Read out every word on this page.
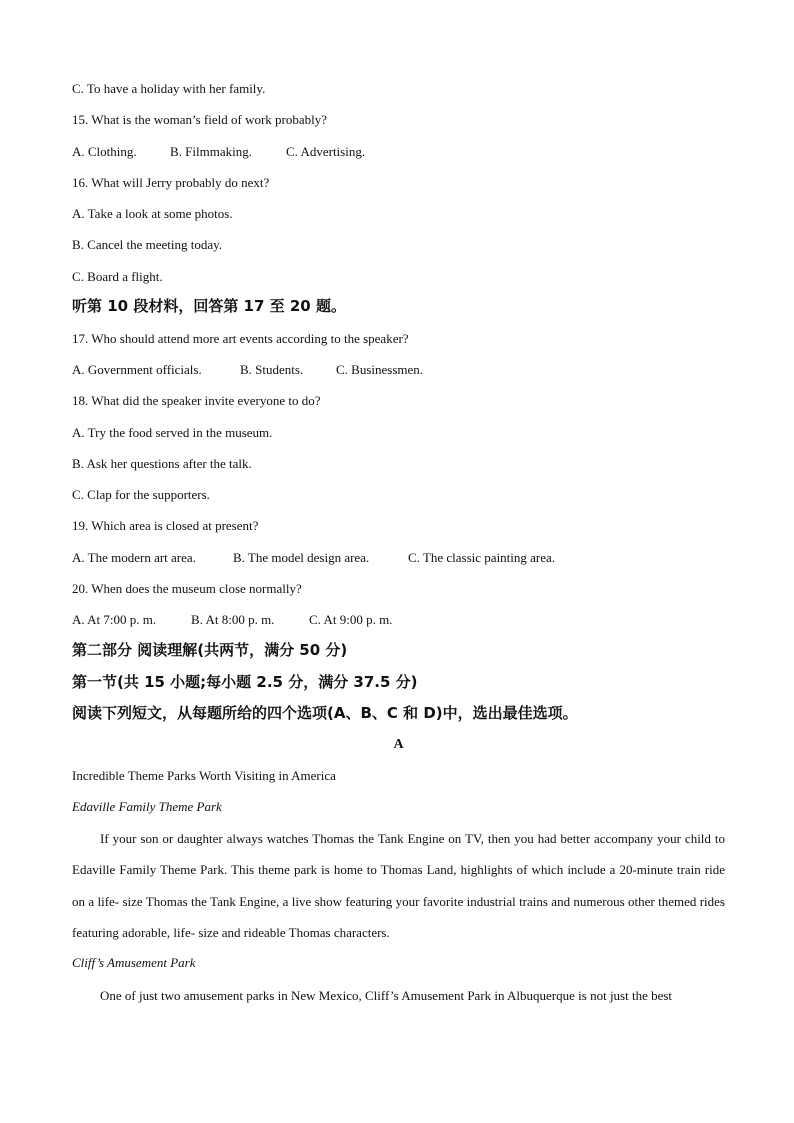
C. To have a holiday with her family.
15. What is the woman’s field of work probably?
A. Clothing.	B. Filmmaking.	C. Advertising.
16. What will Jerry probably do next?
A. Take a look at some photos.
B. Cancel the meeting today.
C. Board a flight.
听第 10 段材料，回答第 17 至 20 题。
17. Who should attend more art events according to the speaker?
A. Government officials.	B. Students.	C. Businessmen.
18. What did the speaker invite everyone to do?
A. Try the food served in the museum.
B. Ask her questions after the talk.
C. Clap for the supporters.
19. Which area is closed at present?
A. The modern art area.	B. The model design area.	C. The classic painting area.
20. When does the museum close normally?
A. At 7:00 p. m.	B. At 8:00 p. m.	C. At 9:00 p. m.
第二部分 阅读理解(共两节，满分 50 分)
第一节(共 15 小题;每小题 2.5 分，满分 37.5 分)
阅读下列短文，从每题所给的四个选项(A、B、C 和 D)中，选出最佳选项。
A
Incredible Theme Parks Worth Visiting in America
Edaville Family Theme Park
If your son or daughter always watches Thomas the Tank Engine on TV, then you had better accompany your child to Edaville Family Theme Park. This theme park is home to Thomas Land, highlights of which include a 20-minute train ride on a life- size Thomas the Tank Engine, a live show featuring your favorite industrial trains and numerous other themed rides featuring adorable, life- size and rideable Thomas characters.
Cliff’s Amusement Park
One of just two amusement parks in New Mexico, Cliff’s Amusement Park in Albuquerque is not just the best
